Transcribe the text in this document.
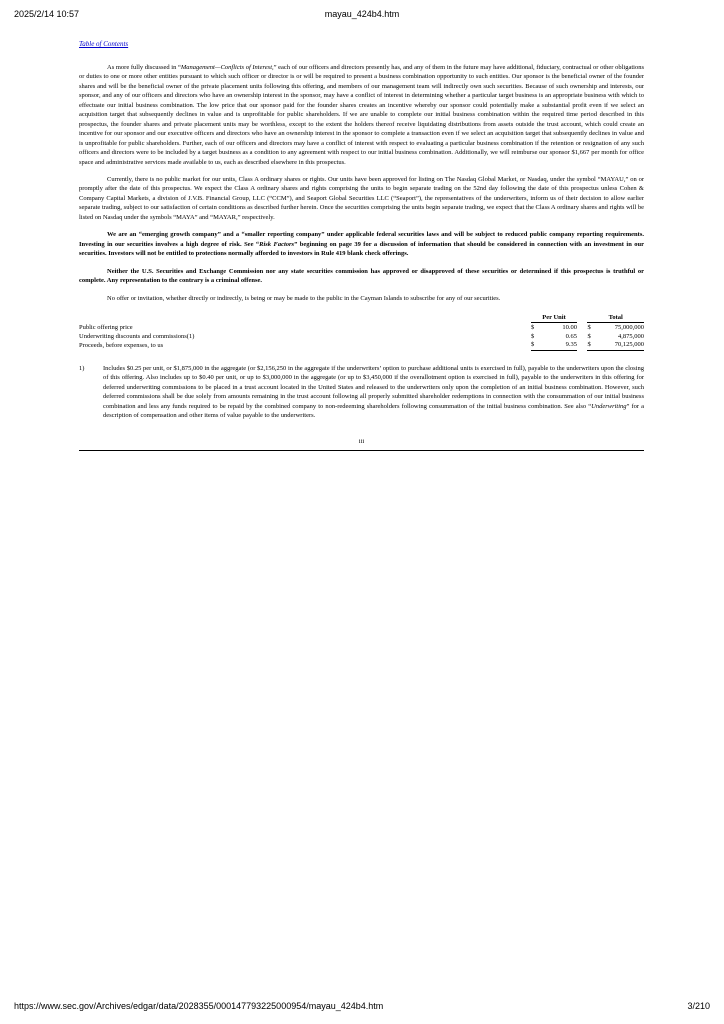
2025/2/14 10:57	mayau_424b4.htm
Table of Contents

As more fully discussed in “Management—Conflicts of Interest,” each of our officers and directors presently has, and any of them in the future may have additional, fiduciary, contractual or other obligations or duties to one or more other entities pursuant to which such officer or director is or will be required to present a business combination opportunity to such entities. Our sponsor is the beneficial owner of the founder shares and will be the beneficial owner of the private placement units following this offering, and members of our management team will indirectly own such securities. Because of such ownership and interests, our sponsor, and any of our officers and directors who have an ownership interest in the sponsor, may have a conflict of interest in determining whether a particular target business is an appropriate business with which to effectuate our initial business combination. The low price that our sponsor paid for the founder shares creates an incentive whereby our sponsor could potentially make a substantial profit even if we select an acquisition target that subsequently declines in value and is unprofitable for public shareholders. If we are unable to complete our initial business combination within the required time period described in this prospectus, the founder shares and private placement units may be worthless, except to the extent the holders thereof receive liquidating distributions from assets outside the trust account, which could create an incentive for our sponsor and our executive officers and directors who have an ownership interest in the sponsor to complete a transaction even if we select an acquisition target that subsequently declines in value and is unprofitable for public shareholders. Further, each of our officers and directors may have a conflict of interest with respect to evaluating a particular business combination if the retention or resignation of any such officers and directors were to be included by a target business as a condition to any agreement with respect to our initial business combination. Additionally, we will reimburse our sponsor $1,667 per month for office space and administrative services made available to us, each as described elsewhere in this prospectus.

Currently, there is no public market for our units, Class A ordinary shares or rights. Our units have been approved for listing on The Nasdaq Global Market, or Nasdaq, under the symbol “MAYAU,” on or promptly after the date of this prospectus. We expect the Class A ordinary shares and rights comprising the units to begin separate trading on the 52nd day following the date of this prospectus unless Cohen & Company Capital Markets, a division of J.V.B. Financial Group, LLC (“CCM”), and Seaport Global Securities LLC (“Seaport”), the representatives of the underwriters, inform us of their decision to allow earlier separate trading, subject to our satisfaction of certain conditions as described further herein. Once the securities comprising the units begin separate trading, we expect that the Class A ordinary shares and rights will be listed on Nasdaq under the symbols “MAYA” and “MAYAR,” respectively.

We are an “emerging growth company” and a “smaller reporting company” under applicable federal securities laws and will be subject to reduced public company reporting requirements. Investing in our securities involves a high degree of risk. See “Risk Factors” beginning on page 39 for a discussion of information that should be considered in connection with an investment in our securities. Investors will not be entitled to protections normally afforded to investors in Rule 419 blank check offerings.

Neither the U.S. Securities and Exchange Commission nor any state securities commission has approved or disapproved of these securities or determined if this prospectus is truthful or complete. Any representation to the contrary is a criminal offense.

No offer or invitation, whether directly or indirectly, is being or may be made to the public in the Cayman Islands to subscribe for any of our securities.

	Per Unit			Total	
Public offering price	$	10.00		$	75,000,000
Underwriting discounts and commissions(1)	$	0.65		$	4,875,000
Proceeds, before expenses, to us	$	9.35		$	70,125,000
1)	Includes $0.25 per unit, or $1,875,000 in the aggregate (or $2,156,250 in the aggregate if the underwriters’ option to purchase additional units is exercised in full), payable to the underwriters upon the closing of this offering. Also includes up to $0.40 per unit, or up to $3,000,000 in the aggregate (or up to $3,450,000 if the overallotment option is exercised in full), payable to the underwriters in this offering for deferred underwriting commissions to be placed in a trust account located in the United States and released to the underwriters only upon the completion of an initial business combination. However, such deferred commissions shall be due solely from amounts remaining in the trust account following all properly submitted shareholder redemptions in connection with the consummation of our initial business combination and less any funds required to be repaid by the combined company to non-redeeming shareholders following consummation of the initial business combination. See also “Underwriting” for a description of compensation and other items of value payable to the underwriters.
iii
https://www.sec.gov/Archives/edgar/data/2028355/000147793225000954/mayau_424b4.htm	3/210
